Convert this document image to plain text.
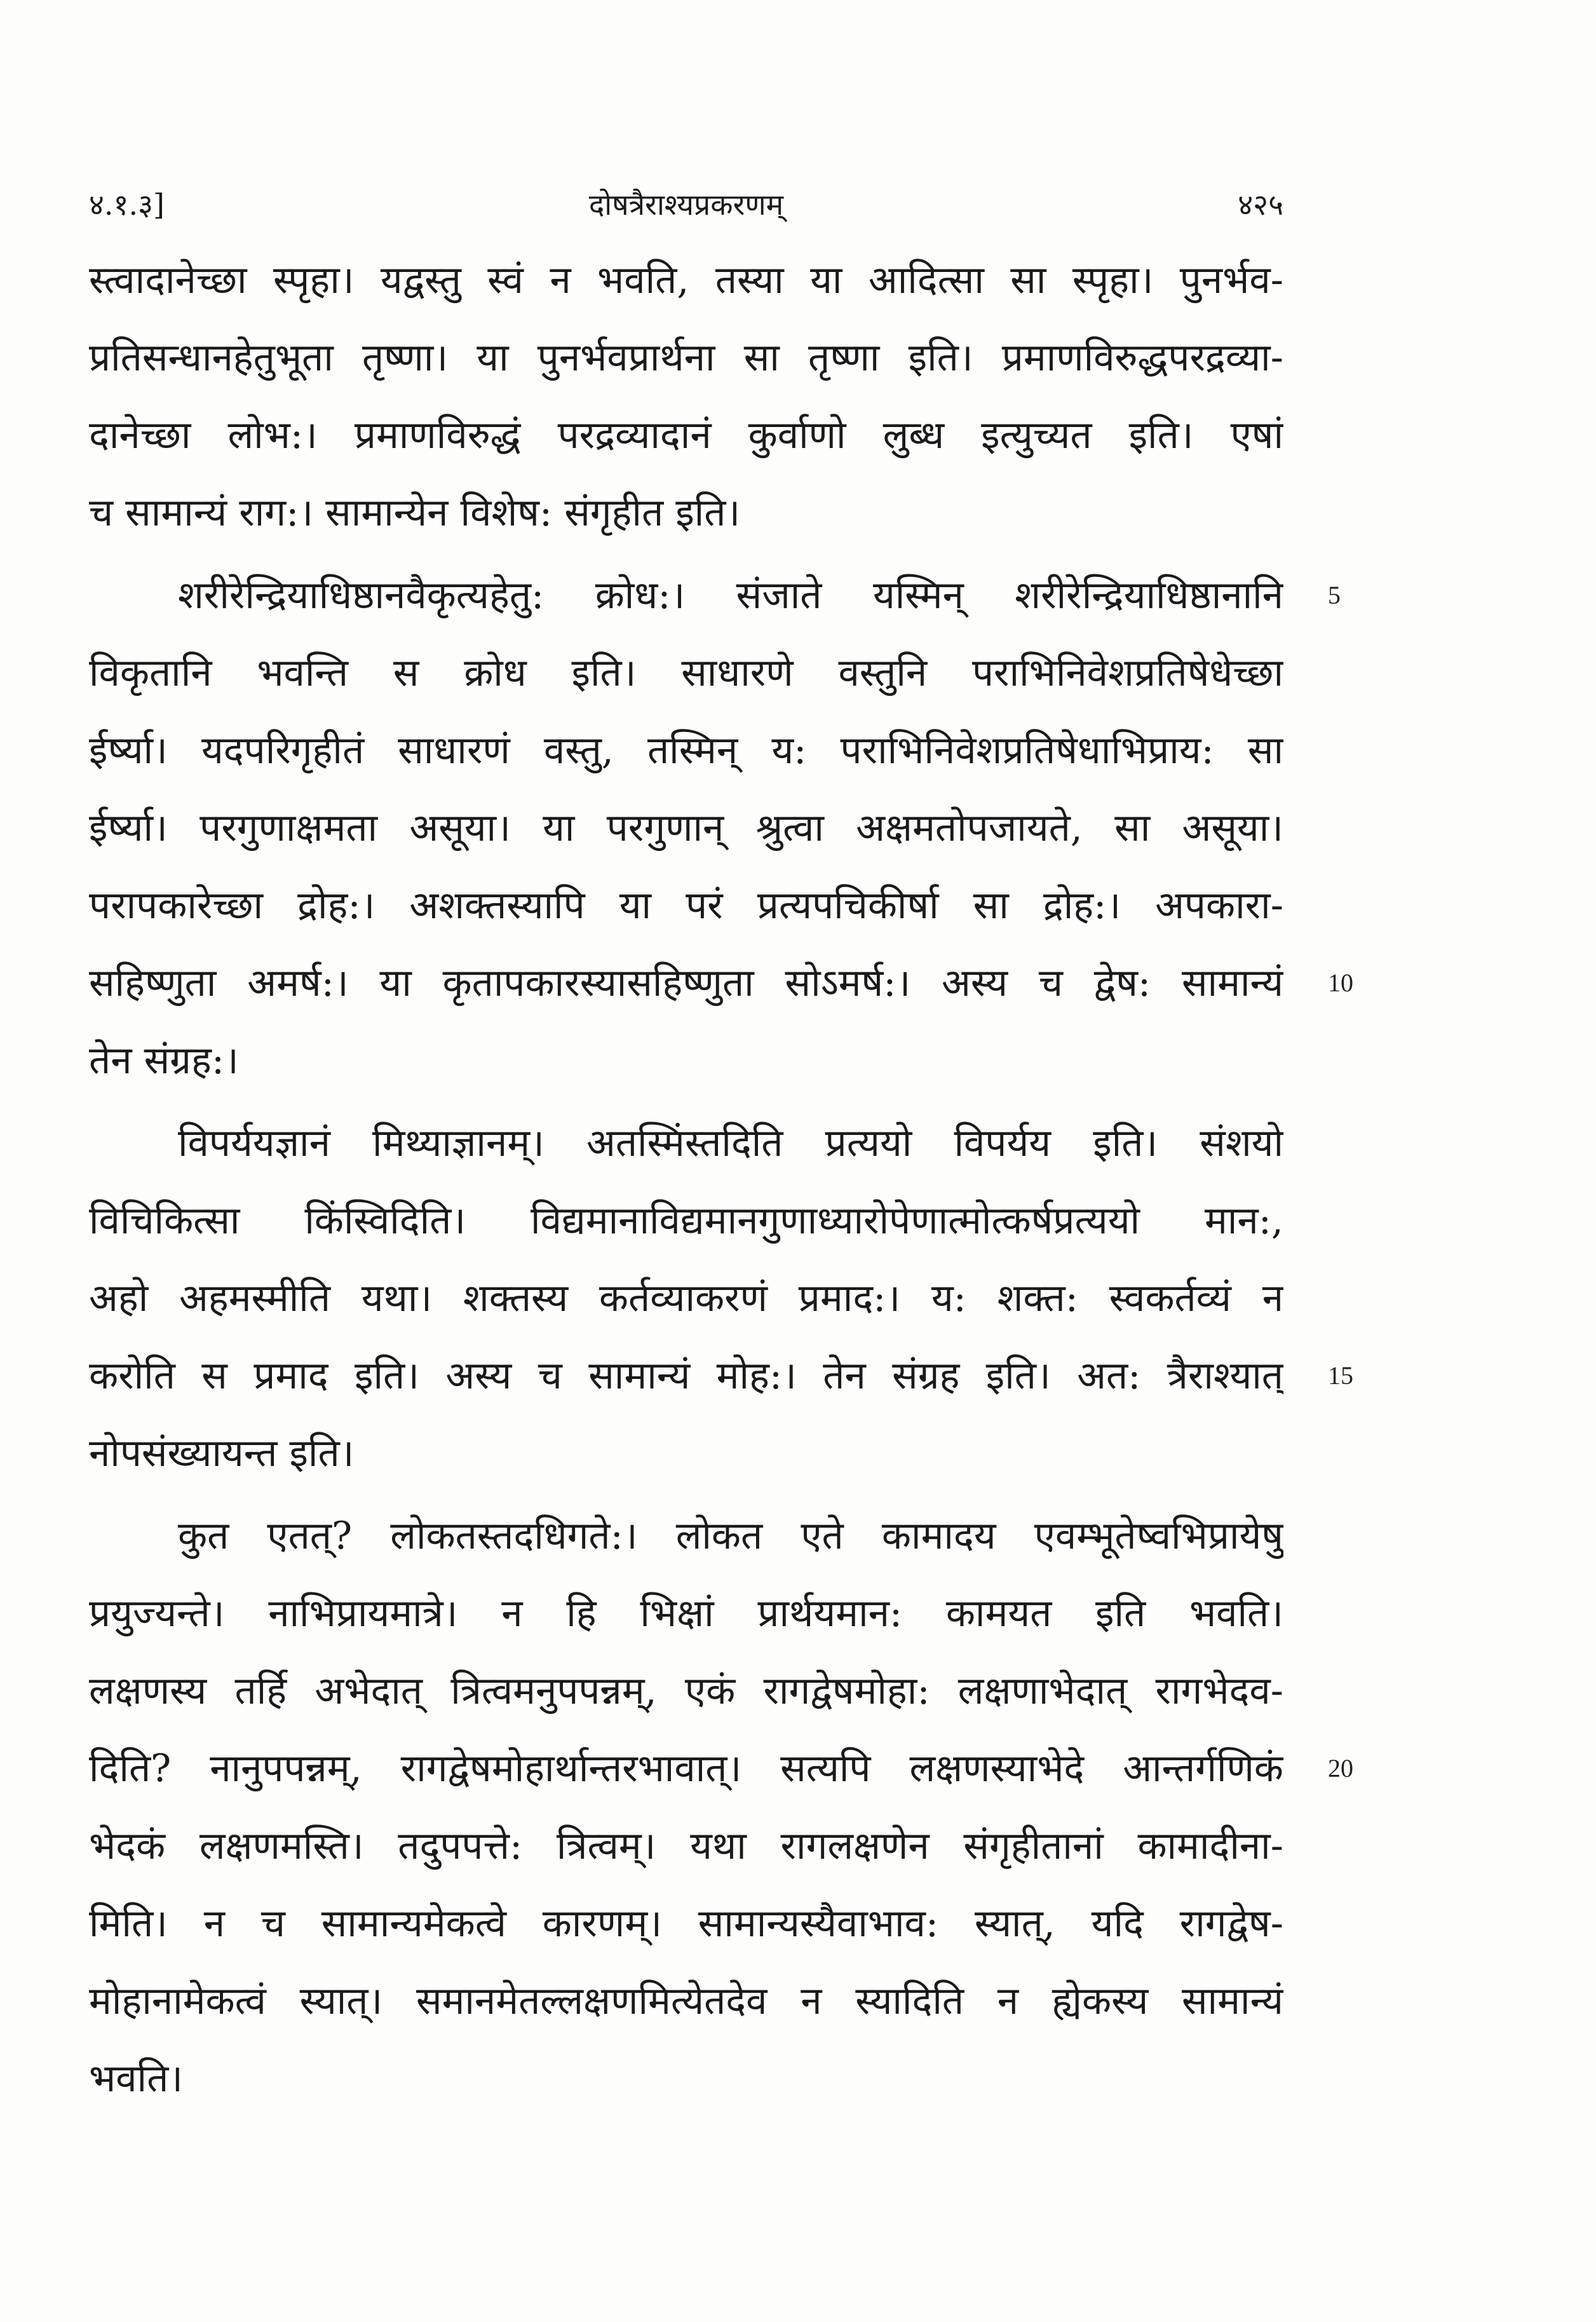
४.१.३]	दोषत्रैराश्यप्रकरणम्	४२५
स्त्वादानेच्छा स्पृहा। यद्वस्तु स्वं न भवति, तस्या या आदित्सा सा स्पृहा। पुनर्भव-
प्रतिसन्धानहेतुभूता तृष्णा। या पुनर्भवप्रार्थना सा तृष्णा इति। प्रमाणविरुद्धपरद्रव्या-
दानेच्छा लोभ:। प्रमाणविरुद्धं परद्रव्यादानं कुर्वाणो लुब्ध इत्युच्यत इति। एषां
च सामान्यं राग:। सामान्येन विशेष: संगृहीत इति।
शरीरेन्द्रियाधिष्ठानवैकृत्यहेतु: क्रोध:। संजाते यस्मिन् शरीरेन्द्रियाधिष्ठानानि
विकृतानि भवन्ति स क्रोध इति। साधारणे वस्तुनि पराभिनिवेशप्रतिषेधेच्छा
ईर्ष्या। यदपरिगृहीतं साधारणं वस्तु, तस्मिन् य: पराभिनिवेशप्रतिषेधाभिप्राय: सा
ईर्ष्या। परगुणाक्षमता असूया। या परगुणान् श्रुत्वा अक्षमतोपजायते, सा असूया।
परापकारेच्छा द्रोह:। अशक्तस्यापि या परं प्रत्यपचिकीर्षा सा द्रोह:। अपकारा-
सहिष्णुता अमर्ष:। या कृतापकारस्यासहिष्णुता सोऽमर्ष:। अस्य च द्वेष: सामान्यं
तेन संग्रह:।
विपर्ययज्ञानं मिथ्याज्ञानम्। अतस्मिंस्तदिति प्रत्ययो विपर्यय इति। संशयो
विचिकित्सा किंस्विदिति। विद्यमानाविद्यमानगुणाध्यारोपेणात्मोत्कर्षप्रत्ययो मान:,
अहो अहमस्मीति यथा। शक्तस्य कर्तव्याकरणं प्रमाद:। य: शक्त: स्वकर्तव्यं न
करोति स प्रमाद इति। अस्य च सामान्यं मोह:। तेन संग्रह इति। अत: त्रैराश्यात्
नोपसंख्यायन्त इति।
कुत एतत्? लोकतस्तदधिगते:। लोकत एते कामादय एवम्भूतेष्वभिप्रायेषु
प्रयुज्यन्ते। नाभिप्रायमात्रे। न हि भिक्षां प्रार्थयमान: कामयत इति भवति।
लक्षणस्य तर्हि अभेदात् त्रित्वमनुपपन्नम्, एकं रागद्वेषमोहा: लक्षणाभेदात् रागभेदव-
दिति? नानुपपन्नम्, रागद्वेषमोहार्थान्तरभावात्। सत्यपि लक्षणस्याभेदे आन्तर्गणिकं
भेदकं लक्षणमस्ति। तदुपपत्ते: त्रित्वम्। यथा रागलक्षणेन संगृहीतानां कामादीना-
मिति। न च सामान्यमेकत्वे कारणम्। सामान्यस्यैवाभाव: स्यात्, यदि रागद्वेष-
मोहानामेकत्वं स्यात्। समानमेतल्लक्षणमित्येतदेव न स्यादिति न ह्येकस्य सामान्यं
भवति।
5
10
15
20
